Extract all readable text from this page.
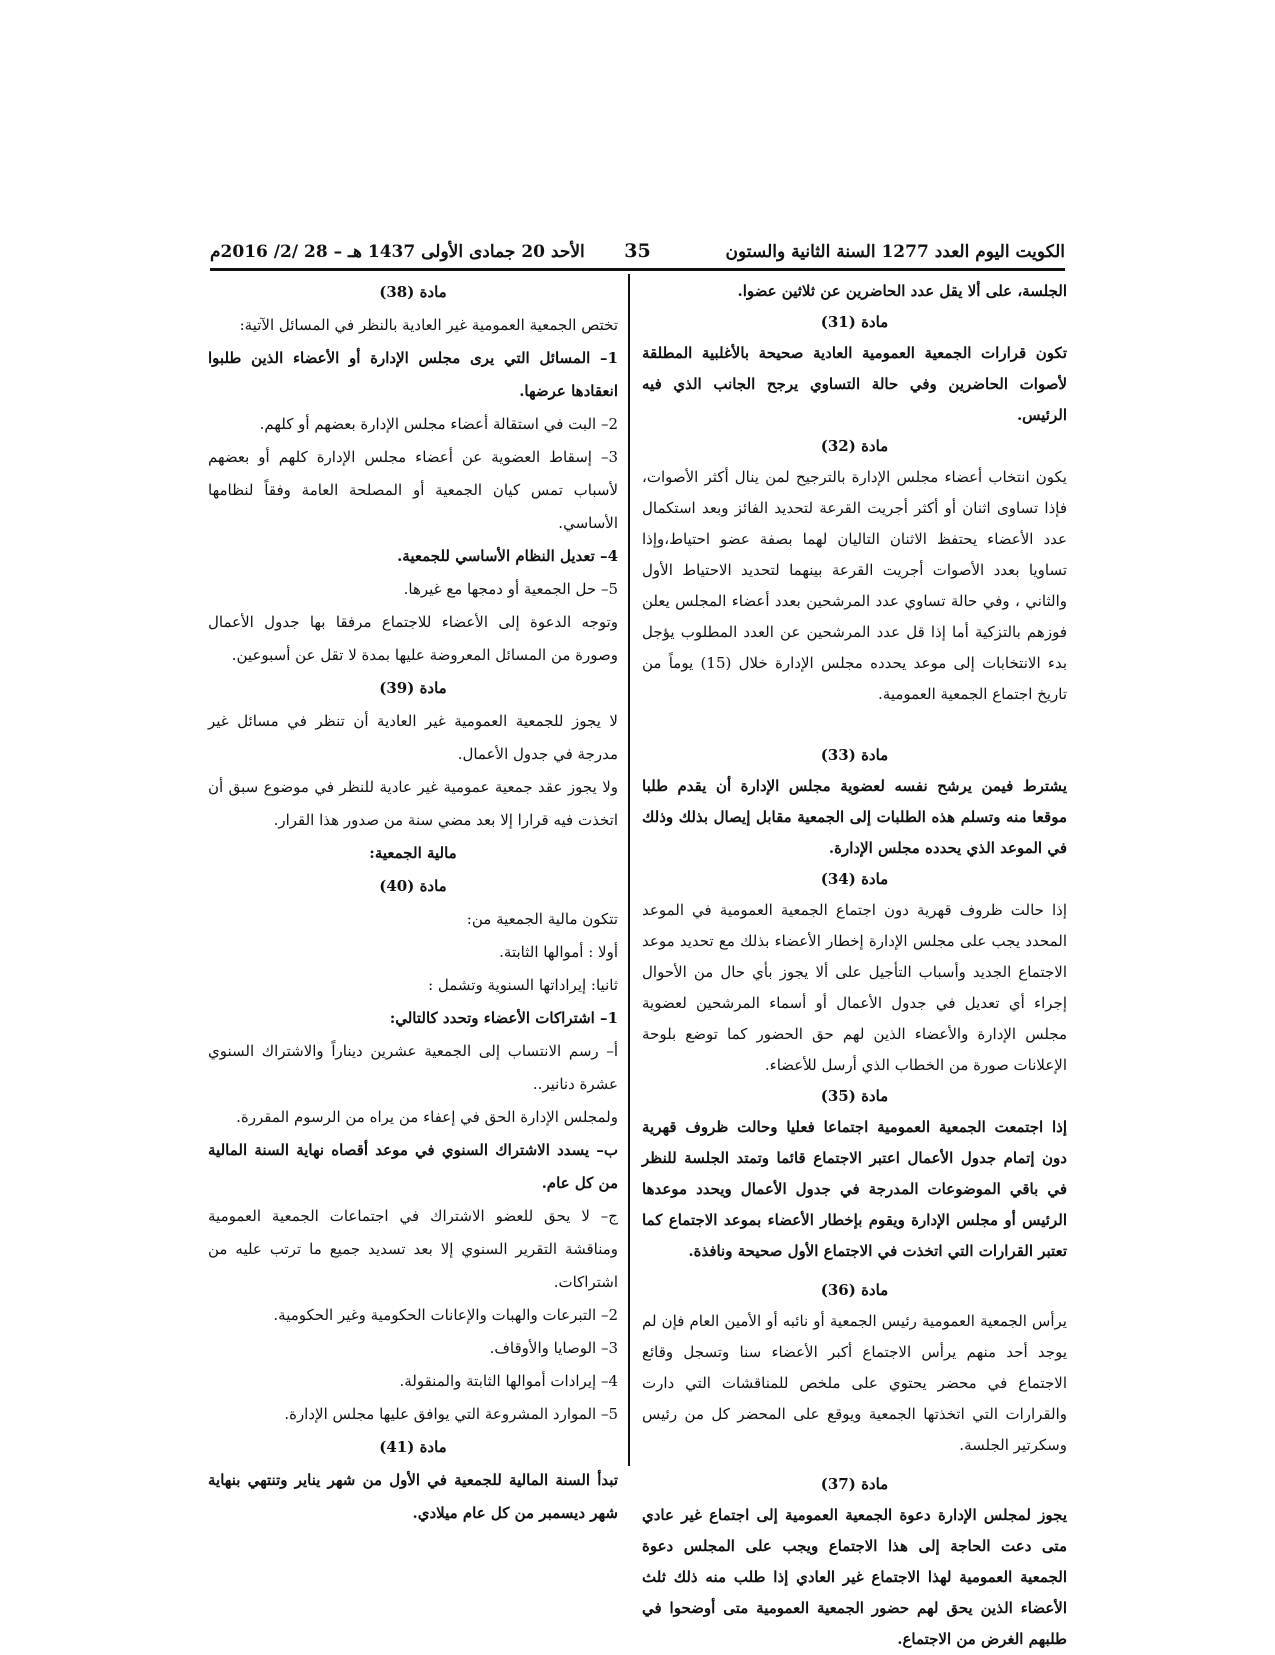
الكويت اليوم العدد 1277 السنة الثانية والستون
35
الأحد 20 جمادى الأولى 1437 هـ – 28 /2/ 2016م

الجلسة، على ألا يقل عدد الحاضرين عن ثلاثين عضوا.

مادة (31)

تكون قرارات الجمعية العمومية العادية صحيحة بالأغلبية المطلقة لأصوات الحاضرين وفي حالة التساوي يرجح الجانب الذي فيه الرئيس.

مادة (32)

يكون انتخاب أعضاء مجلس الإدارة بالترجيح لمن ينال أكثر الأصوات، فإذا تساوى اثنان أو أكثر أجريت القرعة لتحديد الفائز وبعد استكمال عدد الأعضاء يحتفظ الاثنان التاليان لهما بصفة عضو احتياط،وإذا تساويا بعدد الأصوات أجريت القرعة بينهما لتحديد الاحتياط الأول والثاني ، وفي حالة تساوي عدد المرشحين بعدد أعضاء المجلس يعلن فوزهم بالتزكية أما إذا قل عدد المرشحين عن العدد المطلوب يؤجل بدء الانتخابات إلى موعد يحدده مجلس الإدارة خلال (15) يوماً من تاريخ اجتماع الجمعية العمومية.

مادة (33)

يشترط فيمن يرشح نفسه لعضوية مجلس الإدارة أن يقدم طلبا موقعا منه وتسلم هذه الطلبات إلى الجمعية مقابل إيصال بذلك وذلك في الموعد الذي يحدده مجلس الإدارة.

مادة (34)

إذا حالت ظروف قهرية دون اجتماع الجمعية العمومية في الموعد المحدد يجب على مجلس الإدارة إخطار الأعضاء بذلك مع تحديد موعد الاجتماع الجديد وأسباب التأجيل على ألا يجوز بأي حال من الأحوال إجراء أي تعديل في جدول الأعمال أو أسماء المرشحين لعضوية مجلس الإدارة والأعضاء الذين لهم حق الحضور كما توضع بلوحة الإعلانات صورة من الخطاب الذي أرسل للأعضاء.

مادة (35)

إذا اجتمعت الجمعية العمومية اجتماعا فعليا وحالت ظروف قهرية دون إتمام جدول الأعمال اعتبر الاجتماع قائما وتمتد الجلسة للنظر في باقي الموضوعات المدرجة في جدول الأعمال ويحدد موعدها الرئيس أو مجلس الإدارة ويقوم بإخطار الأعضاء بموعد الاجتماع كما تعتبر القرارات التي اتخذت في الاجتماع الأول صحيحة ونافذة.

مادة (36)

يرأس الجمعية العمومية رئيس الجمعية أو نائبه أو الأمين العام فإن لم يوجد أحد منهم يرأس الاجتماع أكبر الأعضاء سنا وتسجل وقائع الاجتماع في محضر يحتوي على ملخص للمناقشات التي دارت والقرارات التي اتخذتها الجمعية ويوقع على المحضر كل من رئيس وسكرتير الجلسة.

مادة (37)

يجوز لمجلس الإدارة دعوة الجمعية العمومية إلى اجتماع غير عادي متى دعت الحاجة إلى هذا الاجتماع ويجب على المجلس دعوة الجمعية العمومية لهذا الاجتماع غير العادي إذا طلب منه ذلك ثلث الأعضاء الذين يحق لهم حضور الجمعية العمومية متى أوضحوا في طلبهم الغرض من الاجتماع.

مادة (38)

تختص الجمعية العمومية غير العادية بالنظر في المسائل الآتية:

1– المسائل التي يرى مجلس الإدارة أو الأعضاء الذين طلبوا انعقادها عرضها.

2– البت في استقالة أعضاء مجلس الإدارة بعضهم أو كلهم.

3– إسقاط العضوية عن أعضاء مجلس الإدارة كلهم أو بعضهم لأسباب تمس كيان الجمعية أو المصلحة العامة وفقاً لنظامها الأساسي.

4– تعديل النظام الأساسي للجمعية.

5– حل الجمعية أو دمجها مع غيرها.

وتوجه الدعوة إلى الأعضاء للاجتماع مرفقا بها جدول الأعمال وصورة من المسائل المعروضة عليها بمدة لا تقل عن أسبوعين.

مادة (39)

لا يجوز للجمعية العمومية غير العادية أن تنظر في مسائل غير مدرجة في جدول الأعمال.

ولا يجوز عقد جمعية عمومية غير عادية للنظر في موضوع سبق أن اتخذت فيه قرارا إلا بعد مضي سنة من صدور هذا القرار.

مالية الجمعية:

مادة (40)

تتكون مالية الجمعية من:

أولا : أموالها الثابتة.

ثانيا: إيراداتها السنوية وتشمل :

1– اشتراكات الأعضاء وتحدد كالتالي:

أ– رسم الانتساب إلى الجمعية عشرين ديناراً والاشتراك السنوي عشرة دنانير..

ولمجلس الإدارة الحق في إعفاء من يراه من الرسوم المقررة.

ب– يسدد الاشتراك السنوي في موعد أقصاه نهاية السنة المالية من كل عام.

ج– لا يحق للعضو الاشتراك في اجتماعات الجمعية العمومية ومناقشة التقرير السنوي إلا بعد تسديد جميع ما ترتب عليه من اشتراكات.

2– التبرعات والهبات والإعانات الحكومية وغير الحكومية.

3– الوصايا والأوقاف.

4– إيرادات أموالها الثابتة والمنقولة.

5– الموارد المشروعة التي يوافق عليها مجلس الإدارة.

مادة (41)

تبدأ السنة المالية للجمعية في الأول من شهر يناير وتنتهي بنهاية شهر ديسمبر من كل عام ميلادي.
